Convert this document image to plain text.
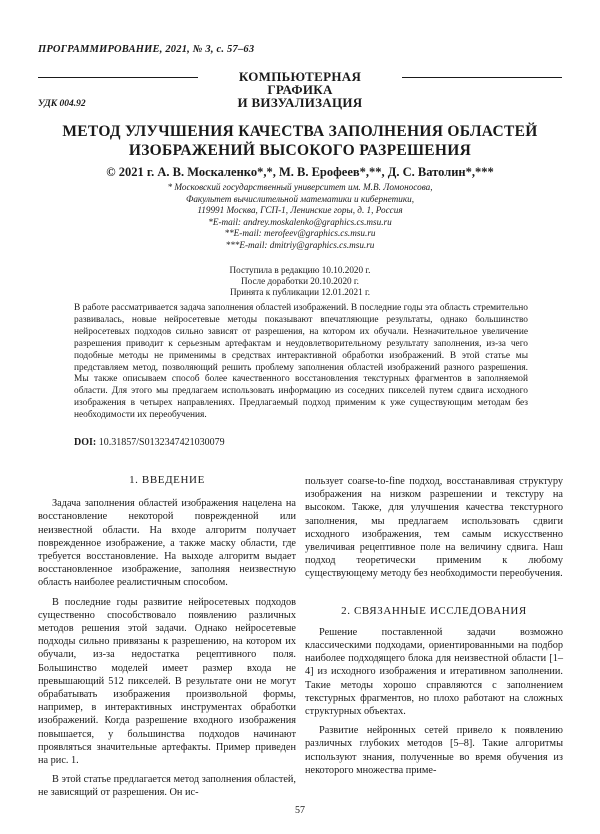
ПРОГРАММИРОВАНИЕ, 2021, № 3, с. 57–63
КОМПЬЮТЕРНАЯ ГРАФИКА
И ВИЗУАЛИЗАЦИЯ
УДК 004.92
МЕТОД УЛУЧШЕНИЯ КАЧЕСТВА ЗАПОЛНЕНИЯ ОБЛАСТЕЙ
ИЗОБРАЖЕНИЙ ВЫСОКОГО РАЗРЕШЕНИЯ
© 2021 г. А. В. Москаленко*,*, М. В. Ерофеев*,**, Д. С. Ватолин*,***
* Московский государственный университет им. М.В. Ломоносова,
Факультет вычислительной математики и кибернетики,
119991 Москва, ГСП-1, Ленинские горы, д. 1, Россия
*E-mail: andrey.moskalenko@graphics.cs.msu.ru
**E-mail: merofeev@graphics.cs.msu.ru
***E-mail: dmitriy@graphics.cs.msu.ru
Поступила в редакцию 10.10.2020 г.
После доработки 20.10.2020 г.
Принята к публикации 12.01.2021 г.
В работе рассматривается задача заполнения областей изображений. В последние годы эта область стремительно развивалась, новые нейросетевые методы показывают впечатляющие результаты, однако большинство нейросетевых подходов сильно зависят от разрешения, на котором их обучали. Незначительное увеличение разрешения приводит к серьезным артефактам и неудовлетворительному результату заполнения, из-за чего подобные методы не применимы в средствах интерактивной обработки изображений. В этой статье мы представляем метод, позволяющий решить проблему заполнения областей изображений разного разрешения. Мы также описываем способ более качественного восстановления текстурных фрагментов в заполняемой области. Для этого мы предлагаем использовать информацию из соседних пикселей путем сдвига исходного изображения в четырех направлениях. Предлагаемый подход применим к уже существующим методам без необходимости их переобучения.
DOI: 10.31857/S0132347421030079
1. ВВЕДЕНИЕ

Задача заполнения областей изображения нацелена на восстановление некоторой поврежденной или неизвестной области. На входе алгоритм получает поврежденное изображение, а также маску области, где требуется восстановление. На выходе алгоритм выдает восстановленное изображение, заполняя неизвестную область наиболее реалистичным способом.

В последние годы развитие нейросетевых подходов существенно способствовало появлению различных методов решения этой задачи. Однако нейросетевые подходы сильно привязаны к разрешению, на котором их обучали, из-за недостатка рецептивного поля. Большинство моделей имеет размер входа не превышающий 512 пикселей. В результате они не могут обрабатывать изображения произвольной формы, например, в интерактивных инструментах обработки изображений. Когда разрешение входного изображения повышается, у большинства подходов начинают проявляться значительные артефакты. Пример приведен на рис. 1.

В этой статье предлагается метод заполнения областей, не зависящий от разрешения. Он ис-

пользует coarse-to-fine подход, восстанавливая структуру изображения на низком разрешении и текстуру на высоком. Также, для улучшения качества текстурного заполнения, мы предлагаем использовать сдвиги исходного изображения, тем самым искусственно увеличивая рецептивное поле на величину сдвига. Наш подход теоретически применим к любому существующему методу без необходимости переобучения.

2. СВЯЗАННЫЕ ИССЛЕДОВАНИЯ

Решение поставленной задачи возможно классическими подходами, ориентированными на подбор наиболее подходящего блока для неизвестной области [1–4] из исходного изображения и итеративном заполнении. Такие методы хорошо справляются с заполнением текстурных фрагментов, но плохо работают на сложных структурных объектах.

Развитие нейронных сетей привело к появлению различных глубоких методов [5–8]. Такие алгоритмы используют знания, полученные во время обучения из некоторого множества приме-

57
